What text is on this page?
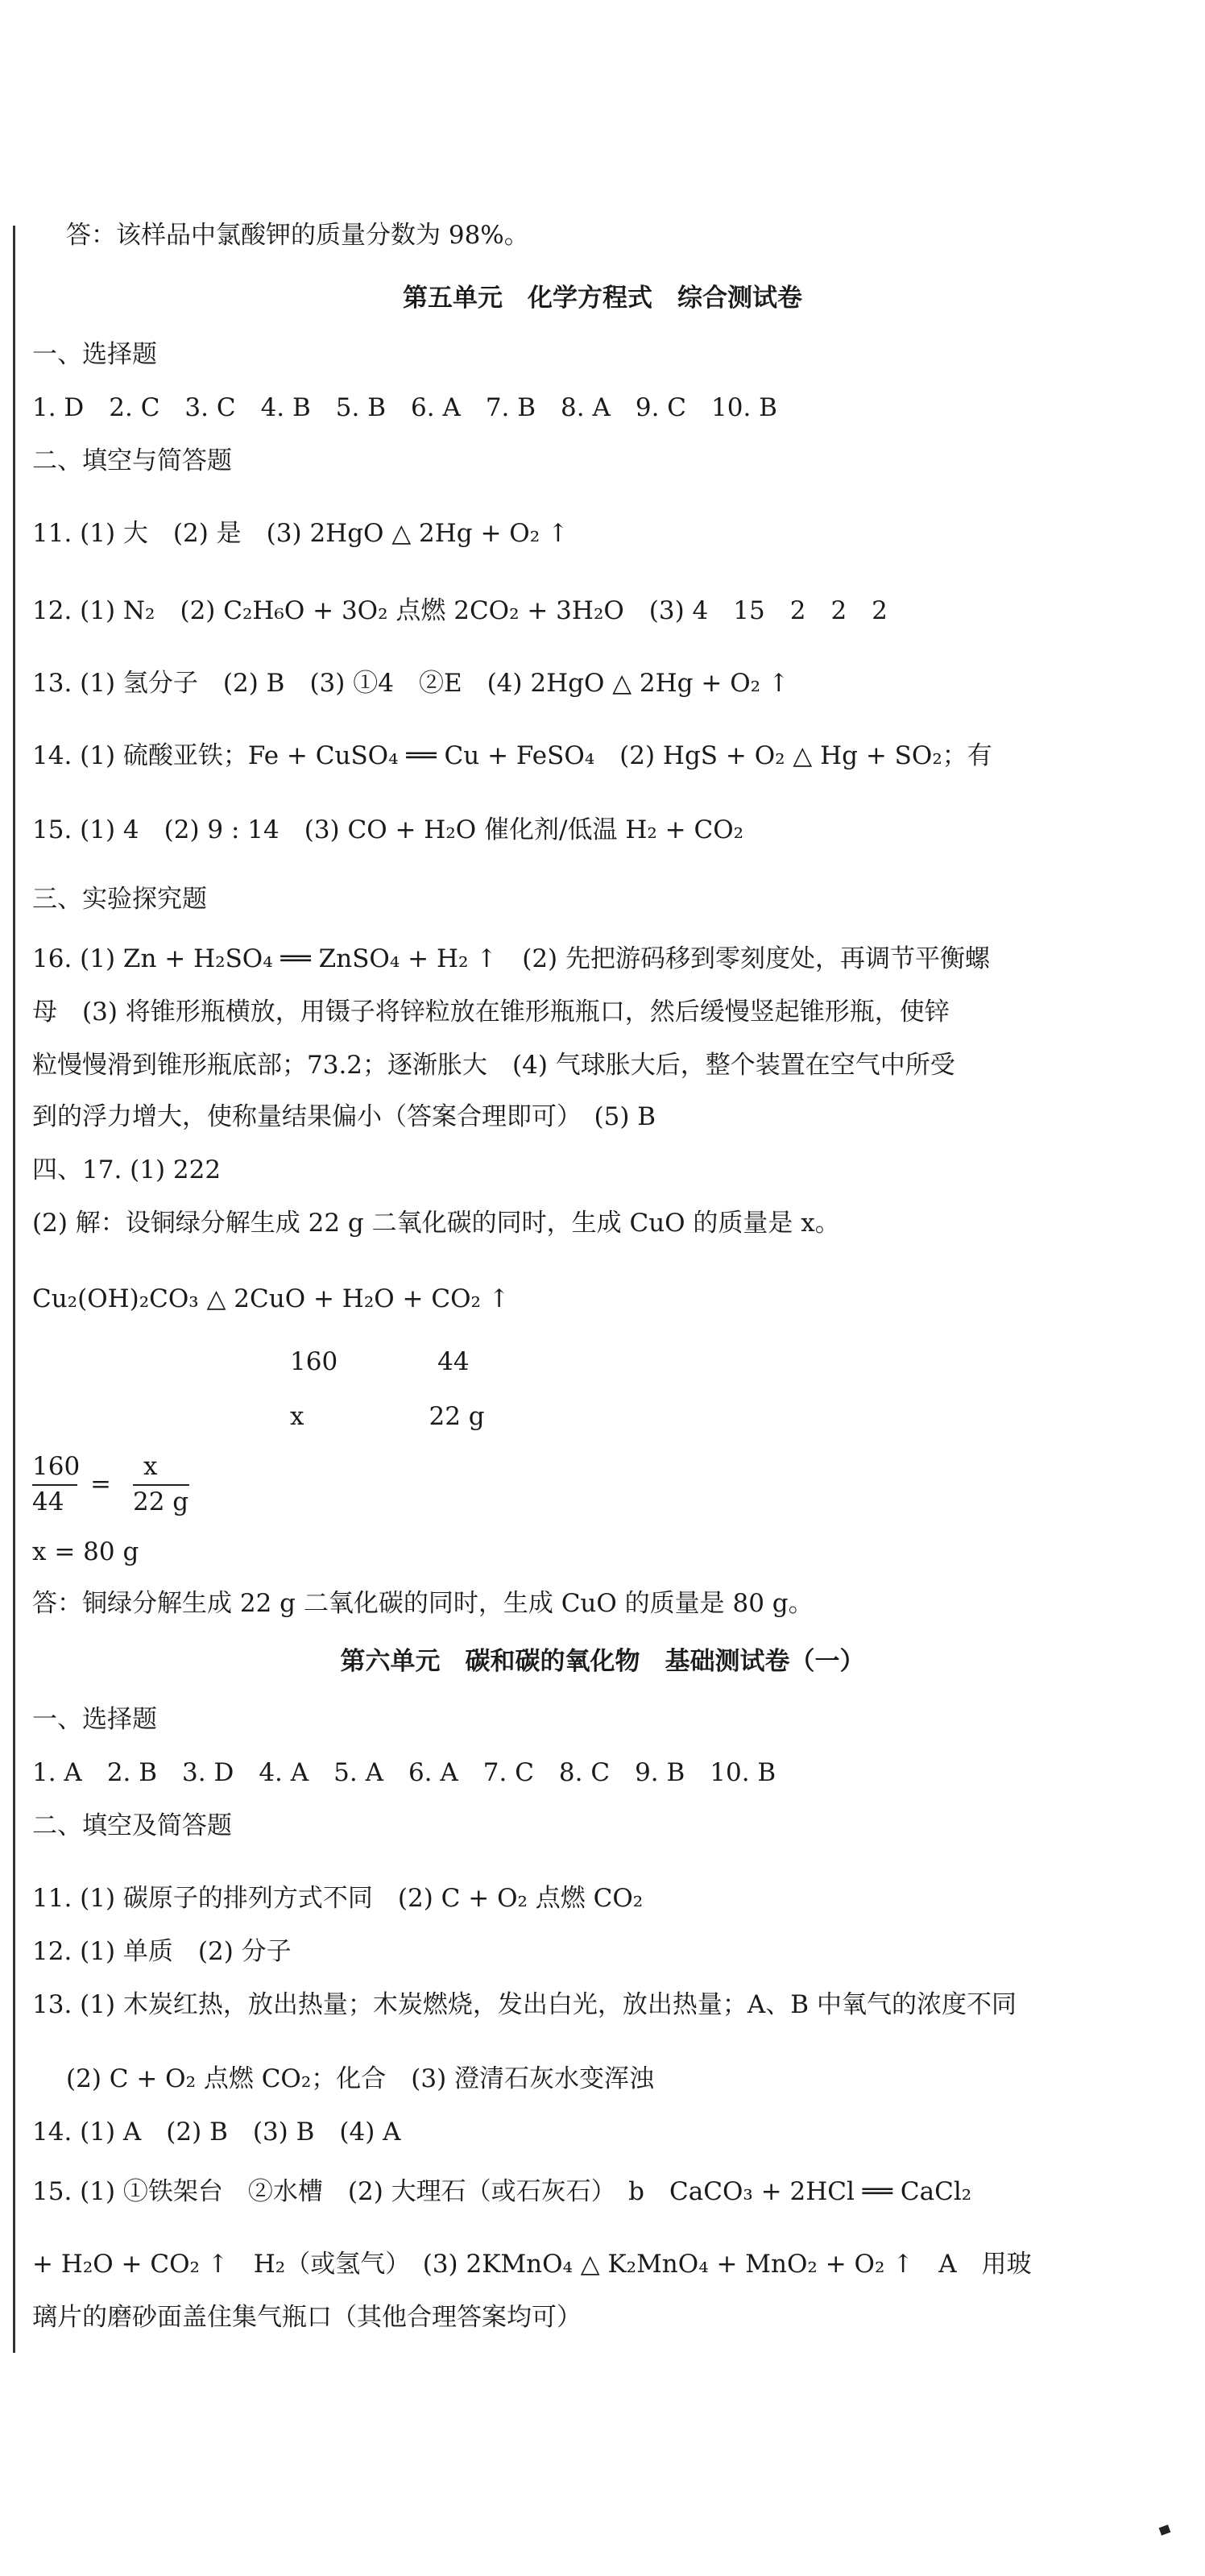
答：该样品中氯酸钾的质量分数为 98%。
第五单元　化学方程式　综合测试卷
一、选择题
1. D　2. C　3. C　4. B　5. B　6. A　7. B　8. A　9. C　10. B
二、填空与简答题
11. (1) 大　(2) 是　(3) 2HgO △ 2Hg + O₂ ↑
12. (1) N₂　(2) C₂H₆O + 3O₂ 点燃 2CO₂ + 3H₂O　(3) 4　15　2　2　2
13. (1) 氢分子　(2) B　(3) ①4　②E　(4) 2HgO △ 2Hg + O₂ ↑
14. (1) 硫酸亚铁；Fe + CuSO₄ ══ Cu + FeSO₄　(2) HgS + O₂ △ Hg + SO₂；有
15. (1) 4　(2) 9 : 14　(3) CO + H₂O 催化剂/低温 H₂ + CO₂
三、实验探究题
16. (1) Zn + H₂SO₄ ══ ZnSO₄ + H₂ ↑　(2) 先把游码移到零刻度处，再调节平衡螺
母　(3) 将锥形瓶横放，用镊子将锌粒放在锥形瓶瓶口，然后缓慢竖起锥形瓶，使锌
粒慢慢滑到锥形瓶底部；73.2；逐渐胀大　(4) 气球胀大后，整个装置在空气中所受
到的浮力增大，使称量结果偏小（答案合理即可）　(5) B
四、17. (1) 222
(2) 解：设铜绿分解生成 22 g 二氧化碳的同时，生成 CuO 的质量是 x。
Cu₂(OH)₂CO₃ △ 2CuO + H₂O + CO₂ ↑
160　　　　44
x　　　　　22 g
160
44
=
x
22 g
x = 80 g
答：铜绿分解生成 22 g 二氧化碳的同时，生成 CuO 的质量是 80 g。
第六单元　碳和碳的氧化物　基础测试卷（一）
一、选择题
1. A　2. B　3. D　4. A　5. A　6. A　7. C　8. C　9. B　10. B
二、填空及简答题
11. (1) 碳原子的排列方式不同　(2) C + O₂ 点燃 CO₂
12. (1) 单质　(2) 分子
13. (1) 木炭红热，放出热量；木炭燃烧，发出白光，放出热量；A、B 中氧气的浓度不同
(2) C + O₂ 点燃 CO₂；化合　(3) 澄清石灰水变浑浊
14. (1) A　(2) B　(3) B　(4) A
15. (1) ①铁架台　②水槽　(2) 大理石（或石灰石）　b　CaCO₃ + 2HCl ══ CaCl₂
+ H₂O + CO₂ ↑　H₂（或氢气）　(3) 2KMnO₄ △ K₂MnO₄ + MnO₂ + O₂ ↑　A　用玻
璃片的磨砂面盖住集气瓶口（其他合理答案均可）
